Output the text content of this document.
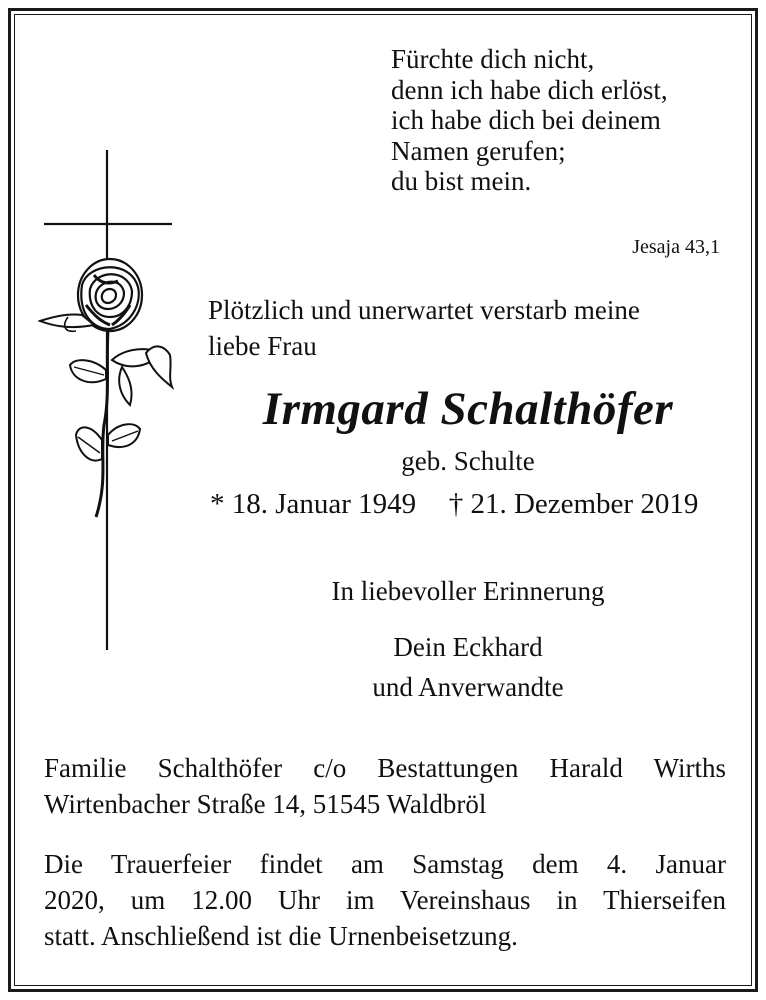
Fürchte dich nicht,
denn ich habe dich erlöst,
ich habe dich bei deinem
Namen gerufen;
du bist mein.
Jesaja 43,1
Plötzlich und unerwartet verstarb meine
liebe Frau
Irmgard Schalthöfer
geb. Schulte
* 18. Januar 1949 † 21. Dezember 2019
In liebevoller Erinnerung
Dein Eckhard
und Anverwandte
Familie Schalthöfer c/o Bestattungen Harald Wirths
Wirtenbacher Straße 14, 51545 Waldbröl
Die Trauerfeier findet am Samstag dem 4. Januar
2020, um 12.00 Uhr im Vereinshaus in Thierseifen
statt. Anschließend ist die Urnenbeisetzung.
